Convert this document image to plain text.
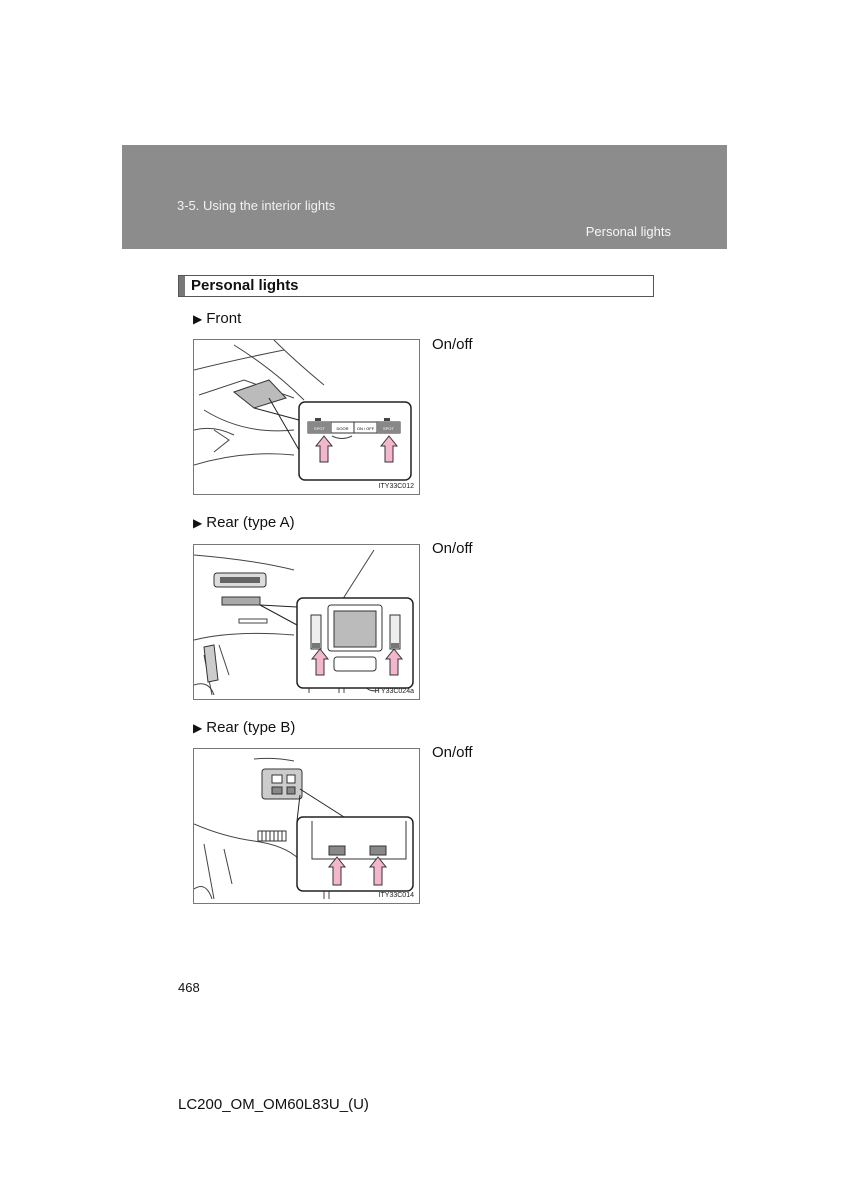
3-5. Using the interior lights
Personal lights
Personal lights
▶ Front
SPOT	DOOR ON / OFF SPOT
ITY33C012
On/off
▶ Rear (type A)
ITY33C024a
On/off
▶ Rear (type B)
ITY33C014
On/off
468
LC200_OM_OM60L83U_(U)
